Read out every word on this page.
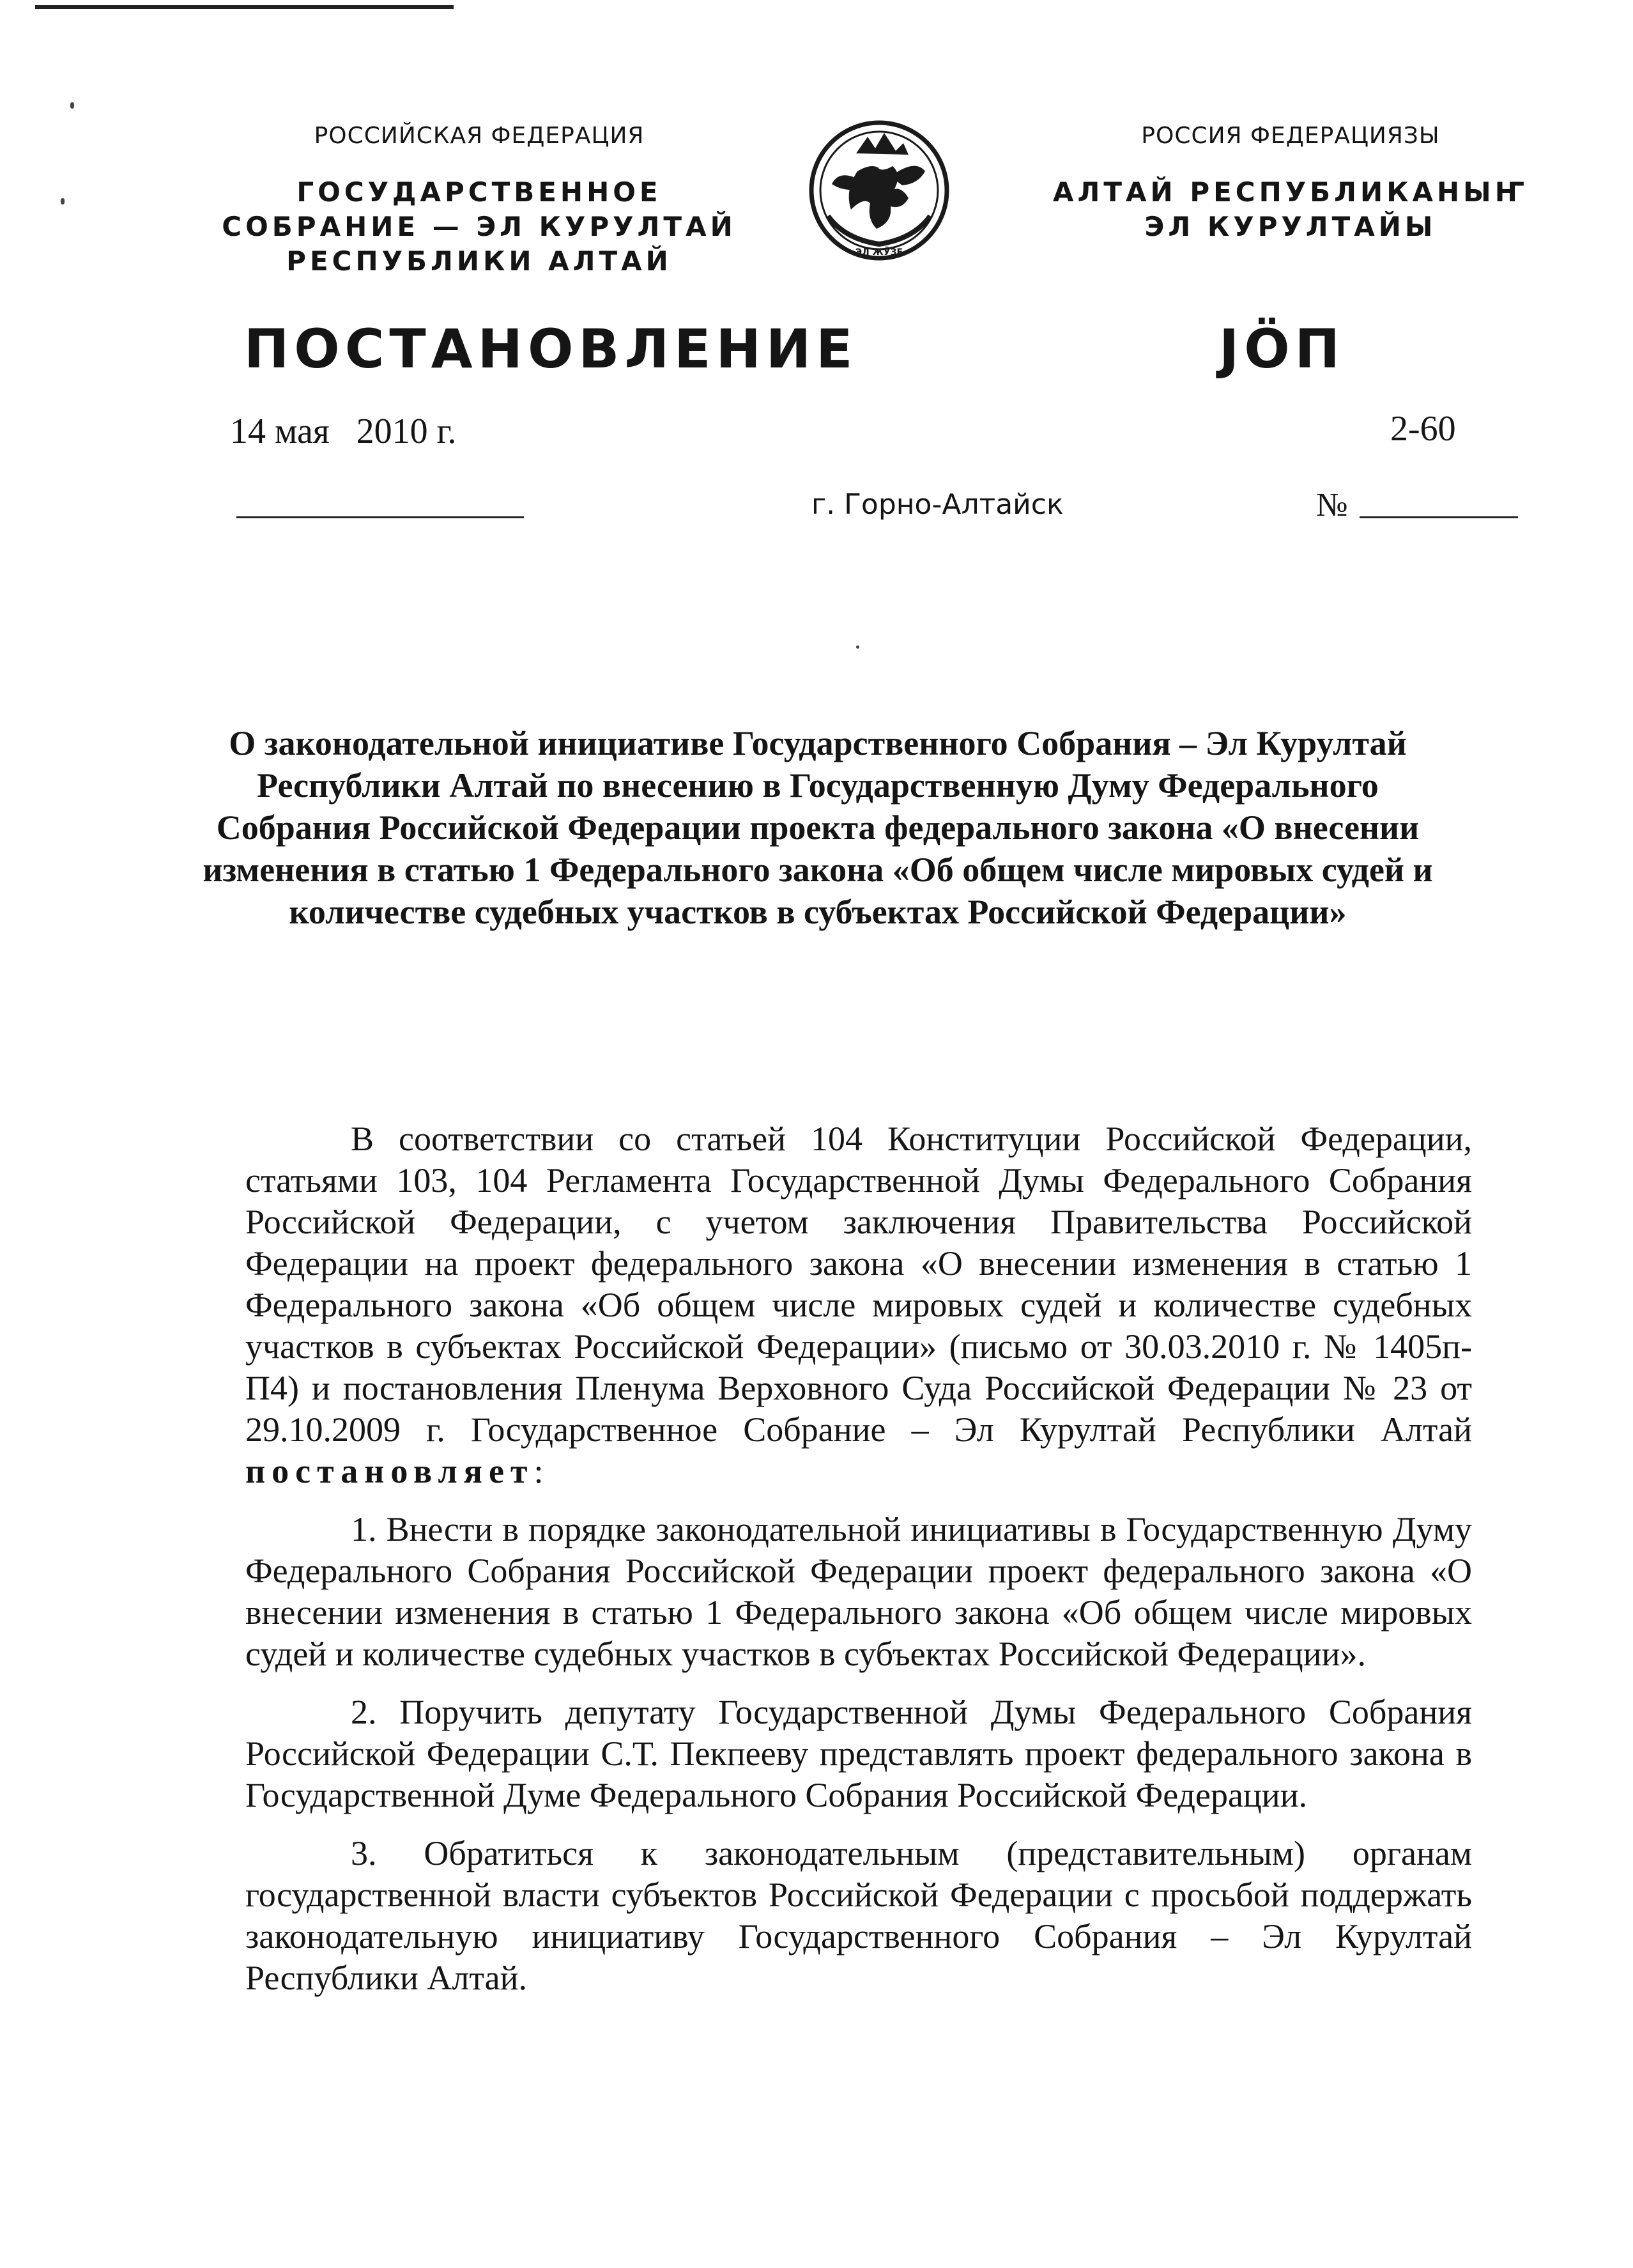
РОССИЙСКАЯ ФЕДЕРАЦИЯ
ГОСУДАРСТВЕННОЕ
СОБРАНИЕ — ЭЛ КУРУЛТАЙ
РЕСПУБЛИКИ АЛТАЙ	ЭЛ ЖӰЗЕ
РОССИЯ ФЕДЕРАЦИЯЗЫ
АЛТАЙ РЕСПУБЛИКАНЫҤ
ЭЛ КУРУЛТАЙЫ
ПОСТАНОВЛЕНИЕ	JÖП
14 мая   2010 г.	2-60
г. Горно-Алтайск	№
О законодательной инициативе Государственного Собрания – Эл Курултай Республики Алтай по внесению в Государственную Думу Федерального Собрания Российской Федерации проекта федерального закона «О внесении изменения в статью 1 Федерального закона «Об общем числе мировых судей и количестве судебных участков в субъектах Российской Федерации»

В соответствии со статьей 104 Конституции Российской Федерации, статьями 103, 104 Регламента Государственной Думы Федерального Собрания Российской Федерации, с учетом заключения Правительства Российской Федерации на проект федерального закона «О внесении изменения в статью 1 Федерального закона «Об общем числе мировых судей и количестве судебных участков в субъектах Российской Федерации» (письмо от 30.03.2010 г. № 1405п-П4) и постановления Пленума Верховного Суда Российской Федерации № 23 от 29.10.2009 г. Государственное Собрание – Эл Курултай Республики Алтай постановляет:

1. Внести в порядке законодательной инициативы в Государственную Думу Федерального Собрания Российской Федерации проект федерального закона «О внесении изменения в статью 1 Федерального закона «Об общем числе мировых судей и количестве судебных участков в субъектах Российской Федерации».

2. Поручить депутату Государственной Думы Федерального Собрания Российской Федерации С.Т. Пекпееву представлять проект федерального закона в Государственной Думе Федерального Собрания Российской Федерации.

3. Обратиться к законодательным (представительным) органам государственной власти субъектов Российской Федерации с просьбой поддержать законодательную инициативу Государственного Собрания – Эл Курултай Республики Алтай.
